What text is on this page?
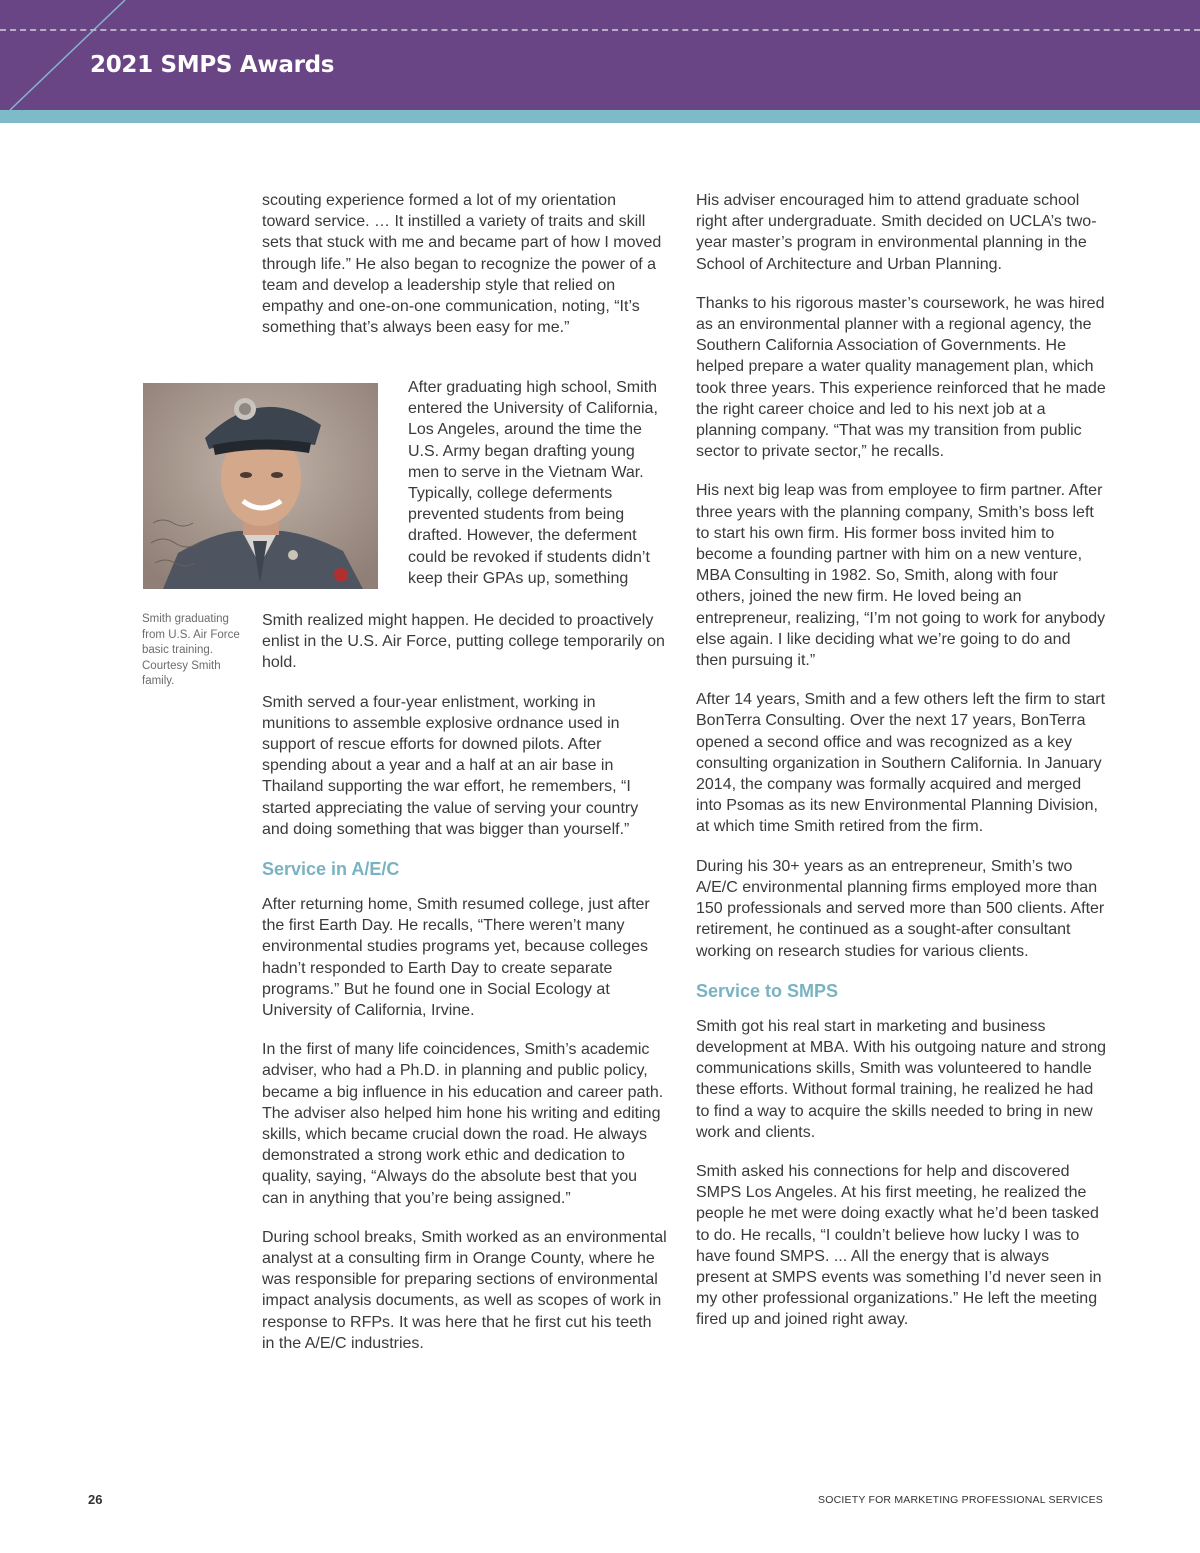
2021 SMPS Awards

scouting experience formed a lot of my orientation toward service. … It instilled a variety of traits and skill sets that stuck with me and became part of how I moved through life.” He also began to recognize the power of a team and develop a leadership style that relied on empathy and one-on-one communication, noting, “It’s something that’s always been easy for me.”

Smith graduating from U.S. Air Force basic training. Courtesy Smith family.

After graduating high school, Smith entered the University of California, Los Angeles, around the time the U.S. Army began drafting young men to serve in the Vietnam War. Typically, college deferments prevented students from being drafted. However, the deferment could be revoked if students didn’t keep their GPAs up, something

Smith realized might happen. He decided to proactively enlist in the U.S. Air Force, putting college temporarily on hold.

Smith served a four-year enlistment, working in munitions to assemble explosive ordnance used in support of rescue efforts for downed pilots. After spending about a year and a half at an air base in Thailand supporting the war effort, he remembers, “I started appreciating the value of serving your country and doing something that was bigger than yourself.”

Service in A/E/C

After returning home, Smith resumed college, just after the first Earth Day. He recalls, “There weren’t many environmental studies programs yet, because colleges hadn’t responded to Earth Day to create separate programs.” But he found one in Social Ecology at University of California, Irvine.

In the first of many life coincidences, Smith’s academic adviser, who had a Ph.D. in planning and public policy, became a big influence in his education and career path. The adviser also helped him hone his writing and editing skills, which became crucial down the road. He always demonstrated a strong work ethic and dedication to quality, saying, “Always do the absolute best that you can in anything that you’re being assigned.”

During school breaks, Smith worked as an environmental analyst at a consulting firm in Orange County, where he was responsible for preparing sections of environmental impact analysis documents, as well as scopes of work in response to RFPs. It was here that he first cut his teeth in the A/E/C industries.

His adviser encouraged him to attend graduate school right after undergraduate. Smith decided on UCLA’s two-year master’s program in environmental planning in the School of Architecture and Urban Planning.

Thanks to his rigorous master’s coursework, he was hired as an environmental planner with a regional agency, the Southern California Association of Governments. He helped prepare a water quality management plan, which took three years. This experience reinforced that he made the right career choice and led to his next job at a planning company. “That was my transition from public sector to private sector,” he recalls.

His next big leap was from employee to firm partner. After three years with the planning company, Smith’s boss left to start his own firm. His former boss invited him to become a founding partner with him on a new venture, MBA Consulting in 1982. So, Smith, along with four others, joined the new firm. He loved being an entrepreneur, realizing, “I’m not going to work for anybody else again. I like deciding what we’re going to do and then pursuing it.”

After 14 years, Smith and a few others left the firm to start BonTerra Consulting. Over the next 17 years, BonTerra opened a second office and was recognized as a key consulting organization in Southern California. In January 2014, the company was formally acquired and merged into Psomas as its new Environmental Planning Division, at which time Smith retired from the firm.

During his 30+ years as an entrepreneur, Smith’s two A/E/C environmental planning firms employed more than 150 professionals and served more than 500 clients. After retirement, he continued as a sought-after consultant working on research studies for various clients.

Service to SMPS

Smith got his real start in marketing and business development at MBA. With his outgoing nature and strong communications skills, Smith was volunteered to handle these efforts. Without formal training, he realized he had to find a way to acquire the skills needed to bring in new work and clients.

Smith asked his connections for help and discovered SMPS Los Angeles. At his first meeting, he realized the people he met were doing exactly what he’d been tasked to do. He recalls, “I couldn’t believe how lucky I was to have found SMPS. ... All the energy that is always present at SMPS events was something I’d never seen in my other professional organizations.” He left the meeting fired up and joined right away.

26	SOCIETY FOR MARKETING PROFESSIONAL SERVICES
